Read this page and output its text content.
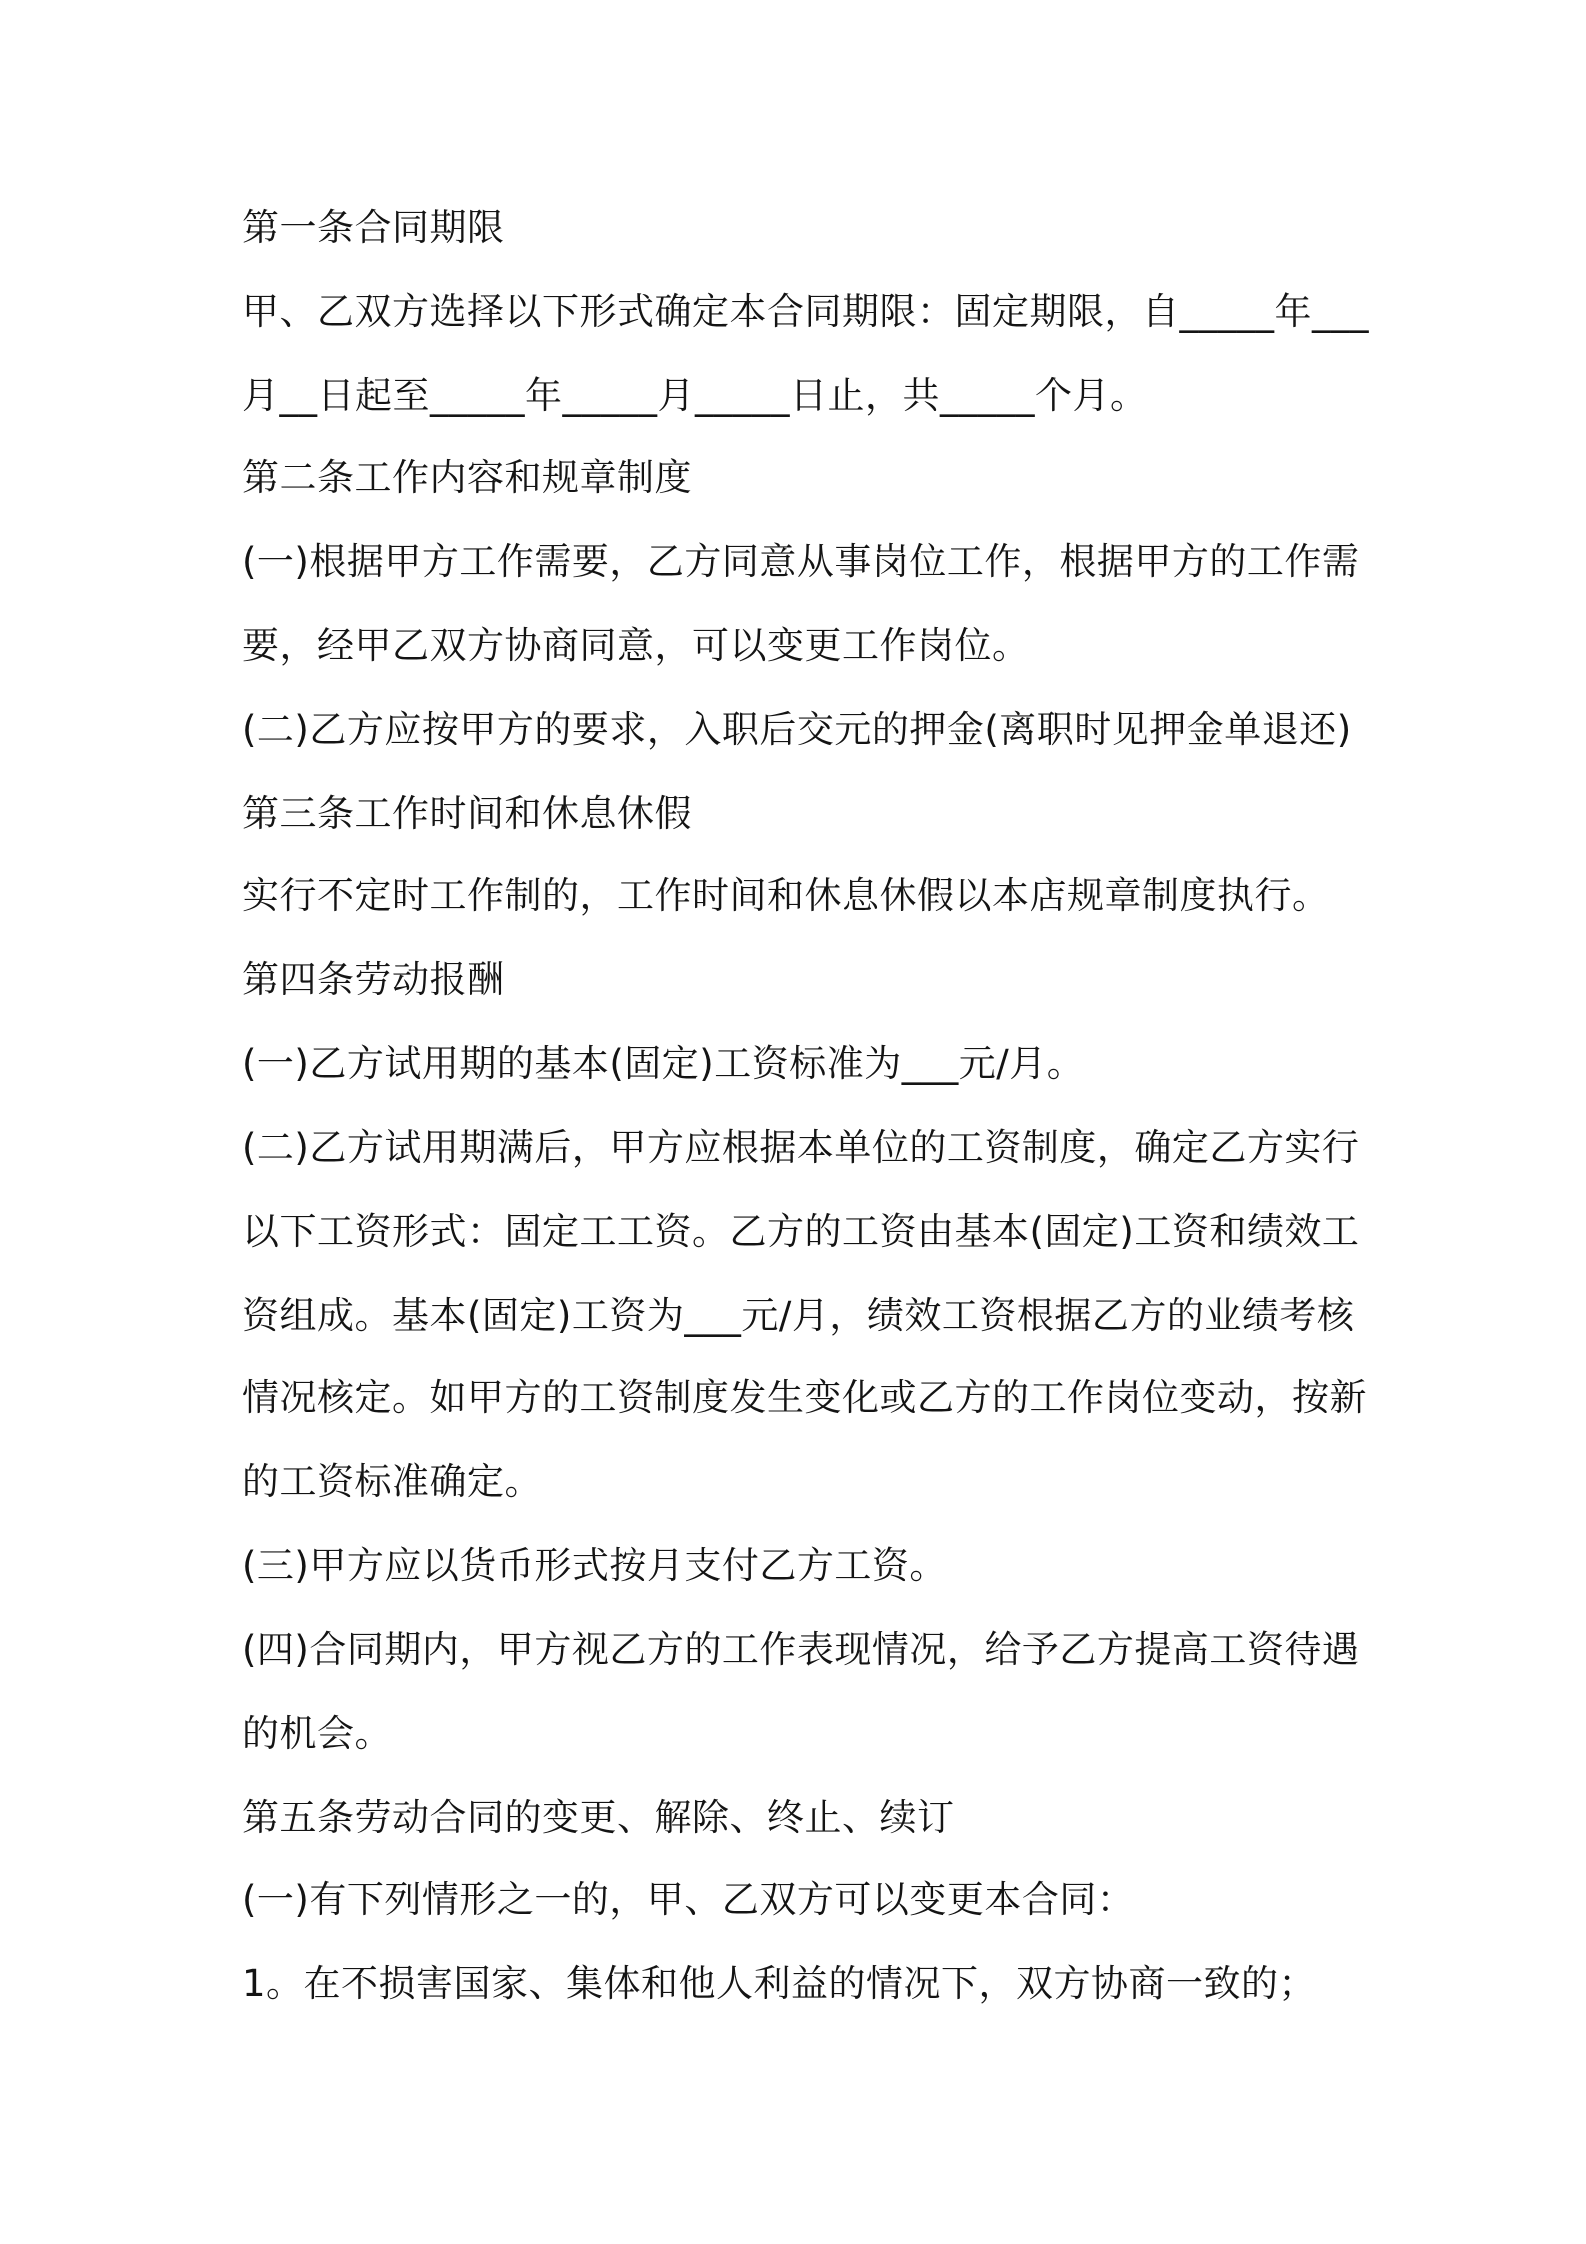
第一条合同期限
甲、乙双方选择以下形式确定本合同期限：固定期限，自_____年___
月__日起至_____年_____月_____日止，共_____个月。
第二条工作内容和规章制度
(一)根据甲方工作需要，乙方同意从事岗位工作，根据甲方的工作需
要，经甲乙双方协商同意，可以变更工作岗位。
(二)乙方应按甲方的要求，入职后交元的押金(离职时见押金单退还)
第三条工作时间和休息休假
实行不定时工作制的，工作时间和休息休假以本店规章制度执行。
第四条劳动报酬
(一)乙方试用期的基本(固定)工资标准为___元/月。
(二)乙方试用期满后，甲方应根据本单位的工资制度，确定乙方实行
以下工资形式：固定工工资。乙方的工资由基本(固定)工资和绩效工
资组成。基本(固定)工资为___元/月，绩效工资根据乙方的业绩考核
情况核定。如甲方的工资制度发生变化或乙方的工作岗位变动，按新
的工资标准确定。
(三)甲方应以货币形式按月支付乙方工资。
(四)合同期内，甲方视乙方的工作表现情况，给予乙方提高工资待遇
的机会。
第五条劳动合同的变更、解除、终止、续订
(一)有下列情形之一的，甲、乙双方可以变更本合同：
1。在不损害国家、集体和他人利益的情况下，双方协商一致的；
